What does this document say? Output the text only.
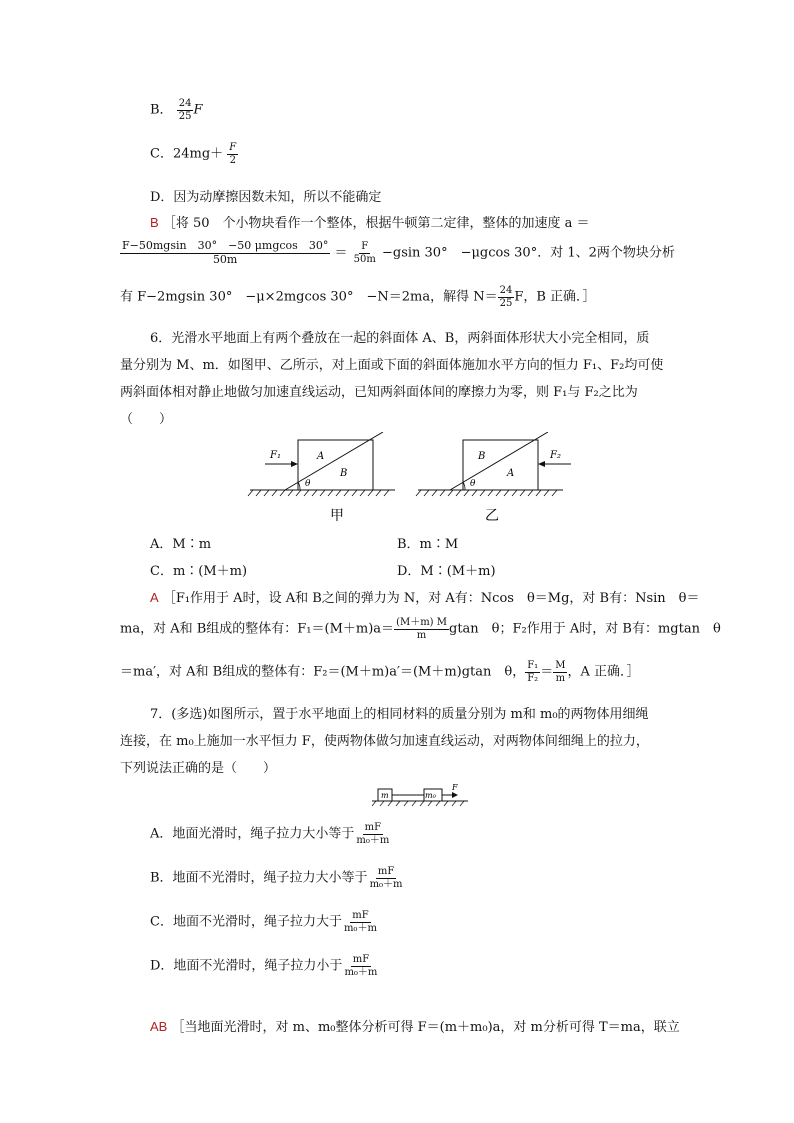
B． $\frac{24}{25}$ F
C．$24mg+ \frac{F}{2}$
D．因为动摩擦因数未知，所以不能确定
B ［将 50　个小物块看作一个整体，根据牛顿第二定律，整体的加速度 a ＝
$\frac{\text{F−50mgsin　30°　−50 μmgcos　30°}}{50m} = \frac{F}{50m} -gsin$ 30°　−μgcos 30°．对 1、2两个物块分析
有 F−2mgsin 30°　−μ×2mgcos 30°　−N＝2ma，解得 $N= \frac{24}{25}$ F，B 正确．］
6．光滑水平地面上有两个叠放在一起的斜面体 A、B，两斜面体形状大小完全相同，质
量分别为 M、m．如图甲、乙所示，对上面或下面的斜面体施加水平方向的恒力 F₁、F₂均可使
两斜面体相对静止地做匀加速直线运动，已知两斜面体间的摩擦力为零，则 F₁与 F₂之比为
（　　）
F₁	A
B
θ
甲
F₂
B
A
θ
乙
A．M∶m	B．m∶M
C．m∶(M＋m)	D．M∶(M＋m)
A ［F₁作用于 A时，设 A和 B之间的弹力为 N，对 A有：Ncos　θ＝Mg，对 B有：Nsin　θ＝
ma，对 A和 B组成的整体有：$F_1=(M+m)a= \frac{(M+m) M}{m}$ gtan　θ；F₂作用于 A时，对 B有：mgtan　θ
＝ma′，对 A和 B组成的整体有：F₂＝(M＋m)a′＝(M＋m)gtan　θ， $\frac{\text{F₁}}{\text{F₂}} = \frac{M}{m}$ ，A 正确．］
7．(多选)如图所示，置于水平地面上的相同材料的质量分别为 m和 m₀的两物体用细绳
连接，在 m₀上施加一水平恒力 F，使两物体做匀加速直线运动，对两物体间细绳上的拉力，
下列说法正确的是（　　）
m	m₀
F
A．地面光滑时，绳子拉力大小等于 $\frac{mF}{\text{m₀＋m}}$
B．地面不光滑时，绳子拉力大小等于 $\frac{mF}{\text{m₀＋m}}$
C．地面不光滑时，绳子拉力大于 $\frac{mF}{\text{m₀＋m}}$
D．地面不光滑时，绳子拉力小于 $\frac{mF}{\text{m₀＋m}}$
AB ［当地面光滑时，对 m、m₀整体分析可得 F＝(m＋m₀)a，对 m分析可得 T＝ma，联立
